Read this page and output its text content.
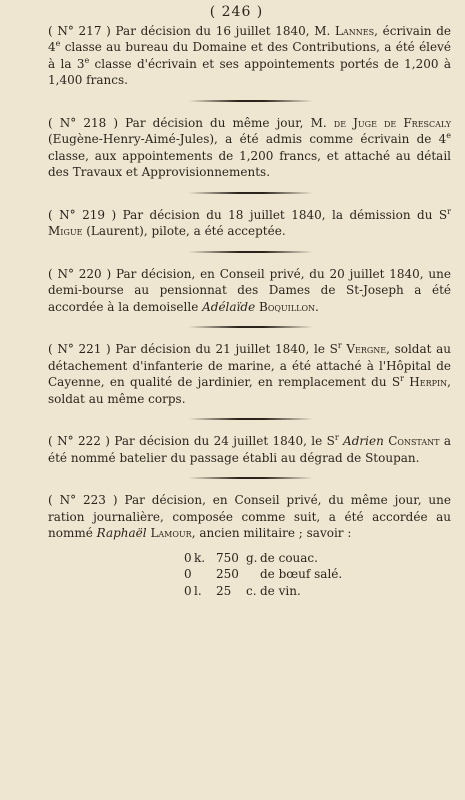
( 246 )

( N° 217 ) Par décision du 16 juillet 1840, M. Lannes, écrivain de 4e classe au bureau du Domaine et des Contributions, a été élevé à la 3e classe d'écrivain et ses appointements portés de 1,200 à 1,400 francs.

( N° 218 ) Par décision du même jour, M. de Juge de Frescaly (Eugène-Henry-Aimé-Jules), a été admis comme écrivain de 4e classe, aux appointements de 1,200 francs, et attaché au détail des Travaux et Approvisionnements.

( N° 219 ) Par décision du 18 juillet 1840, la démission du $S^r$ Migue (Laurent), pilote, a été acceptée.

( N° 220 ) Par décision, en Conseil privé, du 20 juillet 1840, une demi-bourse au pensionnat des Dames de St-Joseph a été accordée à la demoiselle Adélaïde Boquillon.

( N° 221 ) Par décision du 21 juillet 1840, le $S^r$ Vergne, soldat au détachement d'infanterie de marine, a été attaché à l'Hôpital de Cayenne, en qualité de jardinier, en remplacement du $S^r$ Herpin, soldat au même corps.

( N° 222 ) Par décision du 24 juillet 1840, le $S^r$ Adrien Constant a été nommé batelier du passage établi au dégrad de Stoupan.

( N° 223 ) Par décision, en Conseil privé, du même jour, une ration journalière, composée comme suit, a été accordée au nommé Raphaël Lamour, ancien militaire ; savoir :

0 k. 750 g. de couac.
0 250	de bœuf salé.
0 l.	25	c. de vin.
